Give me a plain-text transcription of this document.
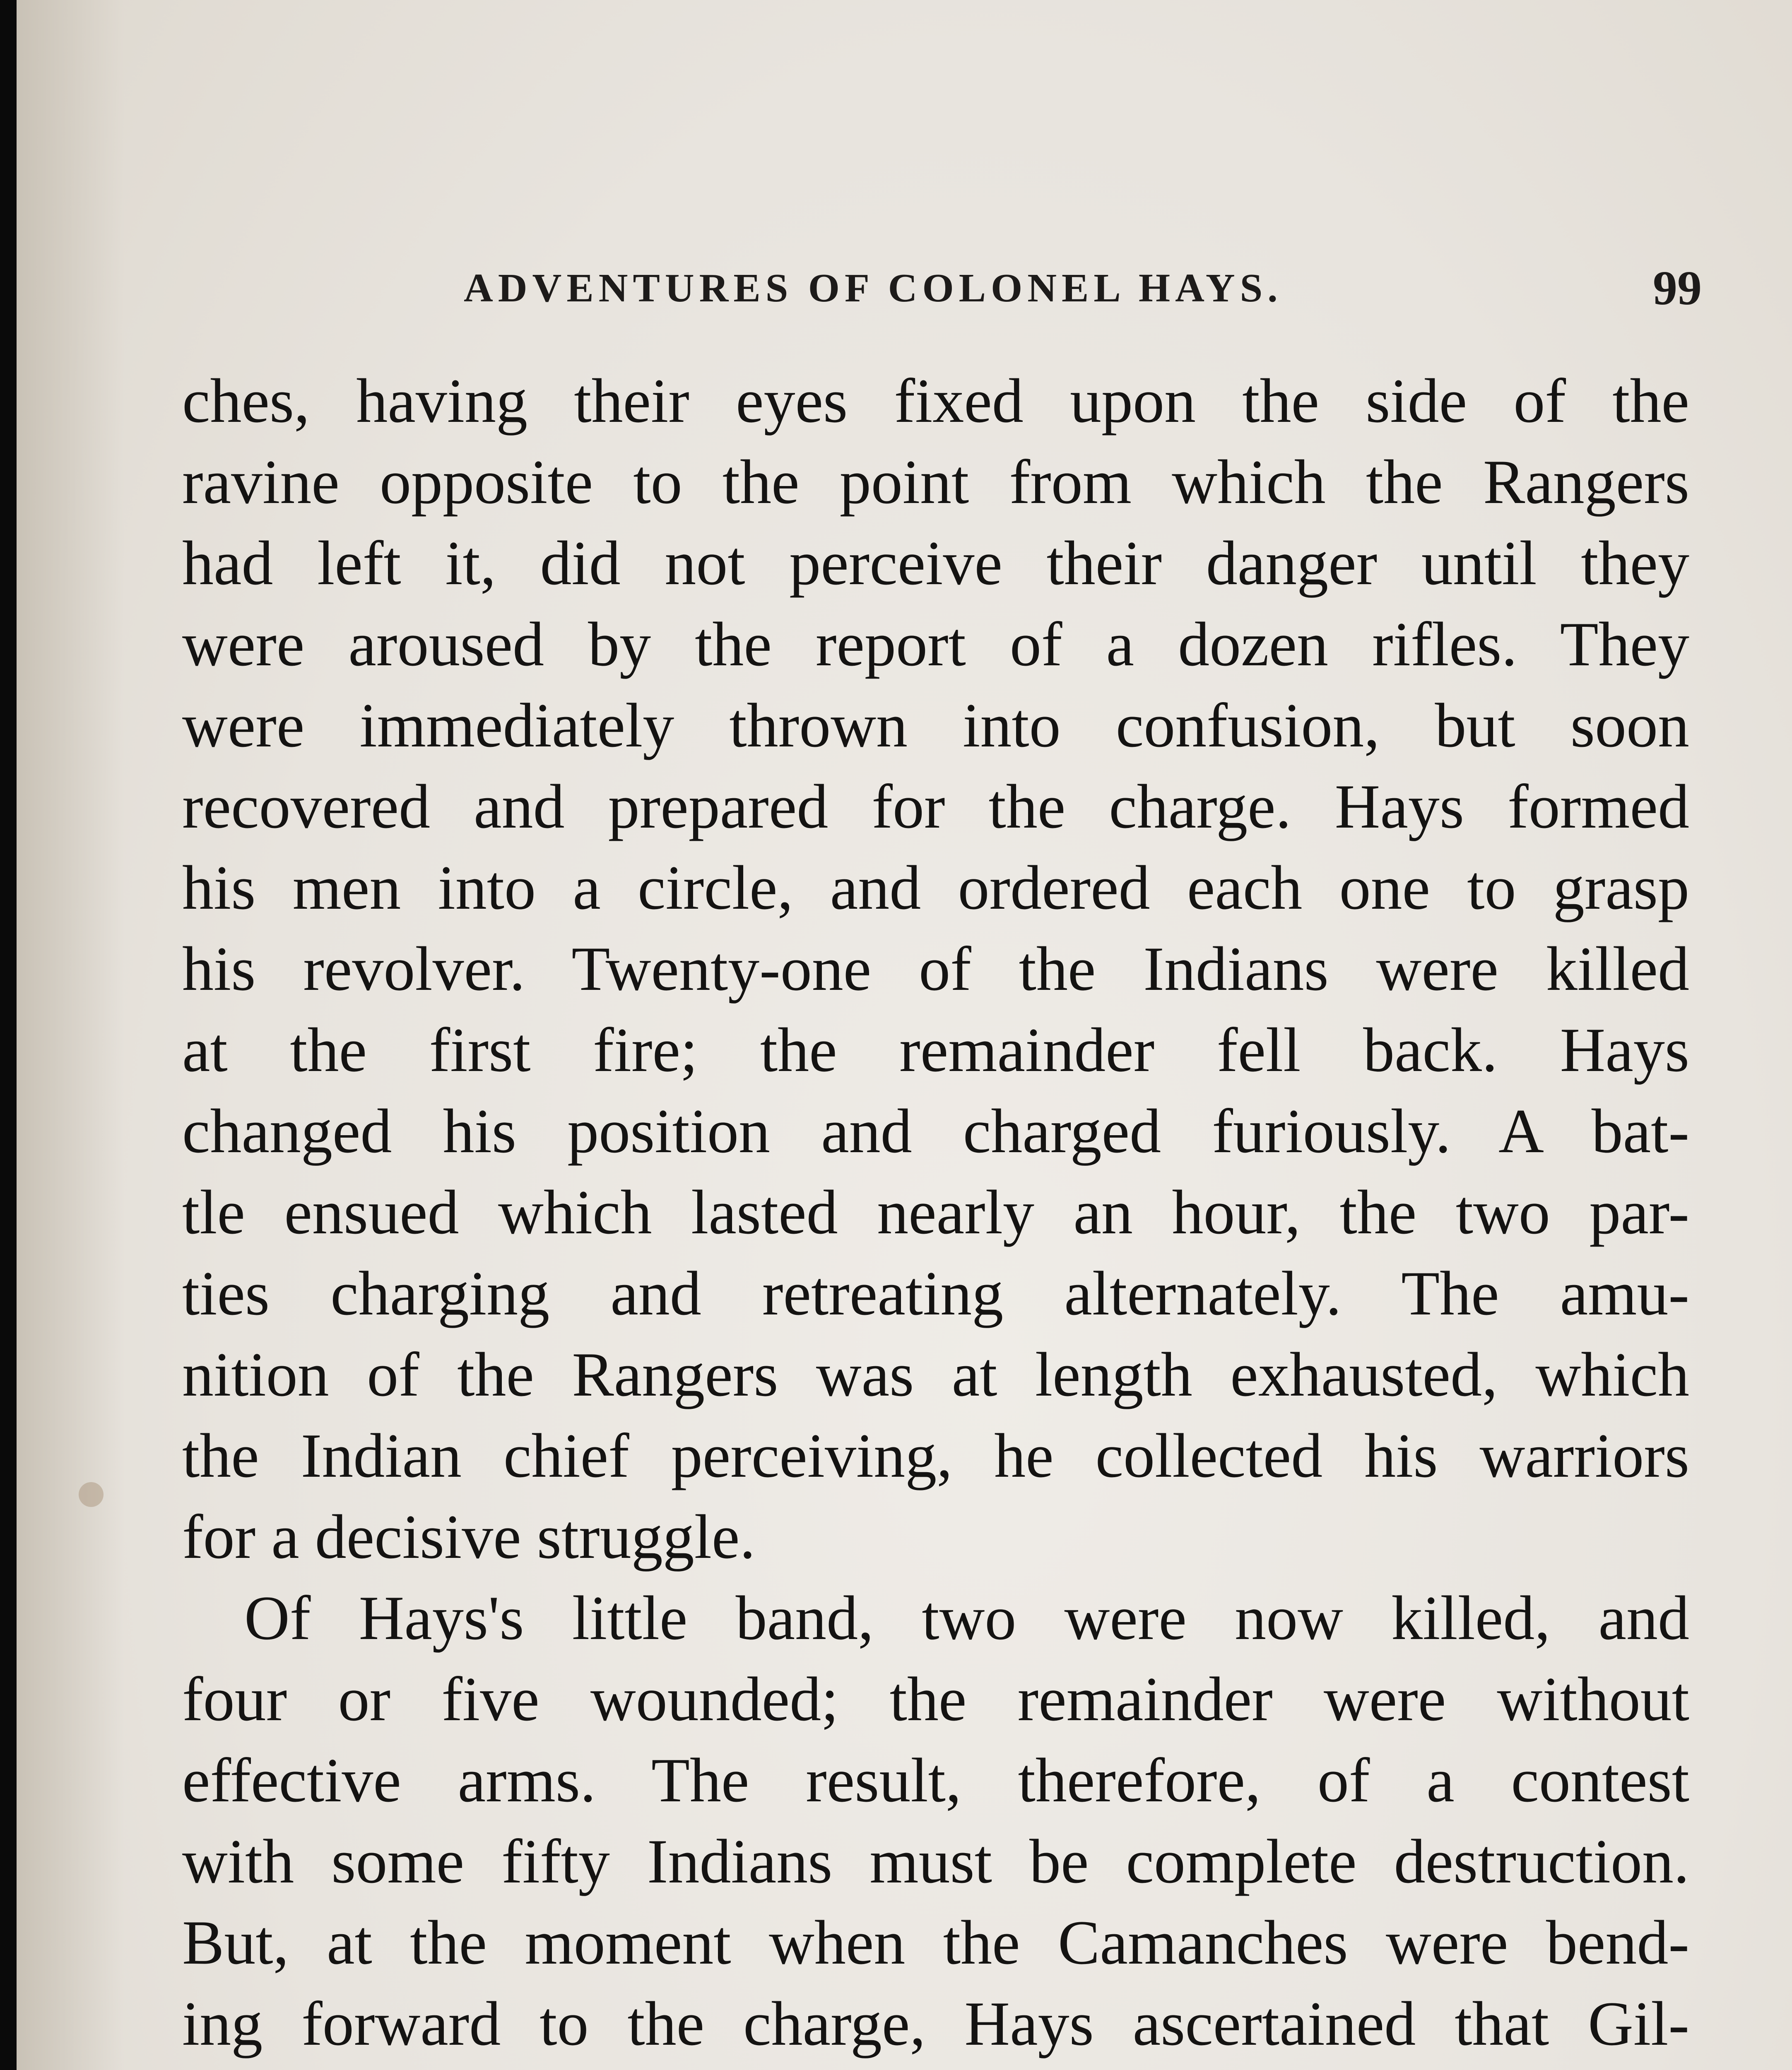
ADVENTURES OF COLONEL HAYS.	99
ches, having their eyes fixed upon the side of the
ravine opposite to the point from which the Rangers
had left it, did not perceive their danger until they
were aroused by the report of a dozen rifles. They
were immediately thrown into confusion, but soon
recovered and prepared for the charge. Hays formed
his men into a circle, and ordered each one to grasp
his revolver. Twenty-one of the Indians were killed
at the first fire; the remainder fell back. Hays
changed his position and charged furiously. A bat-
tle ensued which lasted nearly an hour, the two par-
ties charging and retreating alternately. The amu-
nition of the Rangers was at length exhausted, which
the Indian chief perceiving, he collected his warriors
for a decisive struggle.
Of Hays's little band, two were now killed, and
four or five wounded; the remainder were without
effective arms. The result, therefore, of a contest
with some fifty Indians must be complete destruction.
But, at the moment when the Camanches were bend-
ing forward to the charge, Hays ascertained that Gil-
